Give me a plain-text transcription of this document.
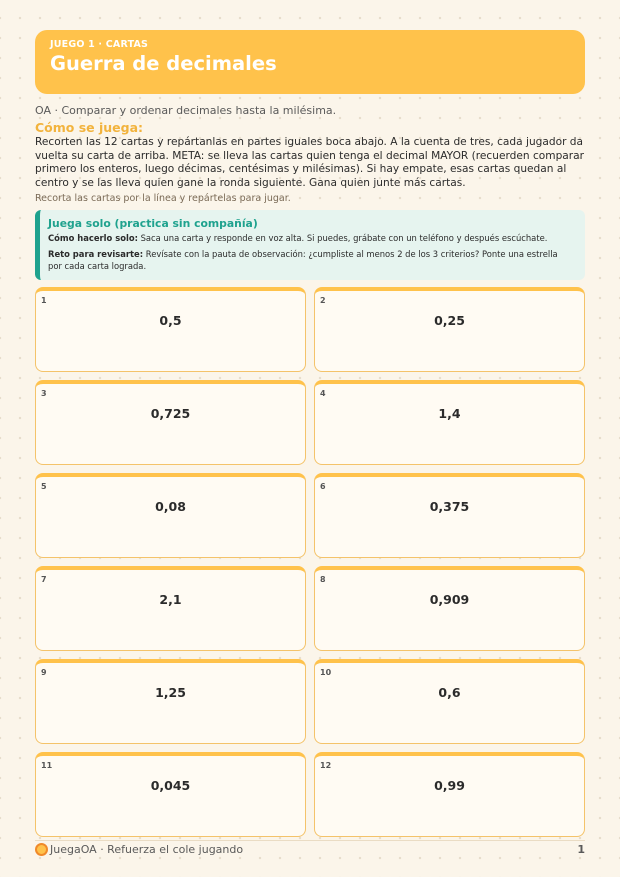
JUEGO 1 · CARTAS
Guerra de decimales
OA · Comparar y ordenar decimales hasta la milésima.
Cómo se juega:
Recorten las 12 cartas y repártanlas en partes iguales boca abajo. A la cuenta de tres, cada jugador da vuelta su carta de arriba. META: se lleva las cartas quien tenga el decimal MAYOR (recuerden comparar primero los enteros, luego décimas, centésimas y milésimas). Si hay empate, esas cartas quedan al centro y se las lleva quien gane la ronda siguiente. Gana quien junte más cartas.
Recorta las cartas por la línea y repártelas para jugar.
Juega solo (practica sin compañía)
Cómo hacerlo solo: Saca una carta y responde en voz alta. Si puedes, grábate con un teléfono y después escúchate.
Reto para revisarte: Revísate con la pauta de observación: ¿cumpliste al menos 2 de los 3 criterios? Ponte una estrella por cada carta lograda.
1
0,5
2
0,25
3
0,725
4
1,4
5
0,08
6
0,375
7
2,1
8
0,909
9
1,25
10
0,6
11
0,045
12
0,99
JuegaOA · Refuerza el cole jugando	1
